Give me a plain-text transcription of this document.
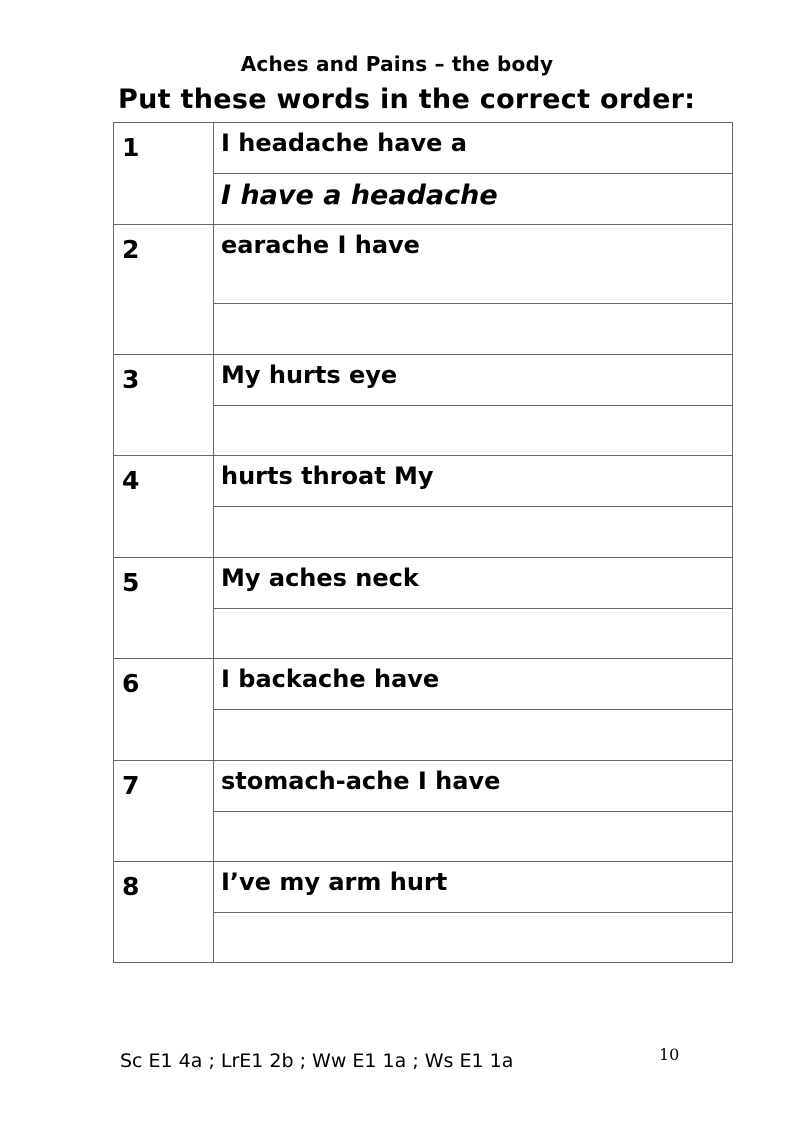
Aches and Pains – the body
Put these words in the correct order:
1	I headache have a
I have a headache
2	earache I have
3	My hurts eye
4	hurts throat My
5	My aches neck
6	I backache have
7	stomach-ache I have
8	I’ve my arm hurt
Sc E1 4a ; LrE1 2b ; Ww E1 1a ; Ws E1 1a	10
